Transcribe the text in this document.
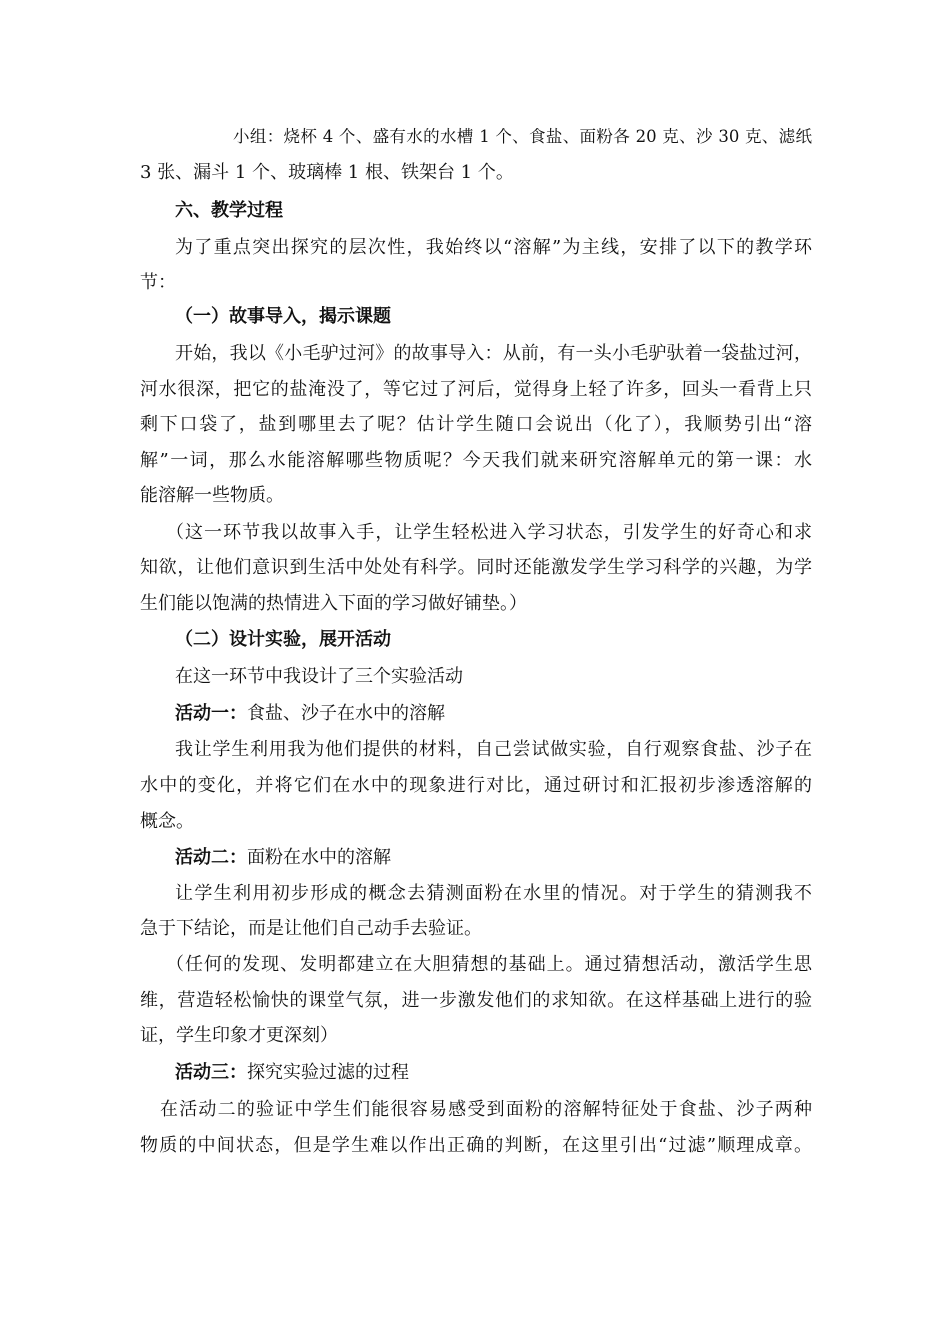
小组：烧杯 4 个、盛有水的水槽 1 个、食盐、面粉各 20 克、沙 30 克、滤纸
3 张、漏斗 1 个、玻璃棒 1 根、铁架台 1 个。
六、教学过程
为了重点突出探究的层次性，我始终以“溶解”为主线，安排了以下的教学环
节：
（一）故事导入，揭示课题
开始，我以《小毛驴过河》的故事导入：从前，有一头小毛驴驮着一袋盐过河，
河水很深，把它的盐淹没了，等它过了河后，觉得身上轻了许多，回头一看背上只
剩下口袋了，盐到哪里去了呢？估计学生随口会说出（化了），我顺势引出“溶
解”一词，那么水能溶解哪些物质呢？今天我们就来研究溶解单元的第一课：水
能溶解一些物质。
（这一环节我以故事入手，让学生轻松进入学习状态，引发学生的好奇心和求
知欲，让他们意识到生活中处处有科学。同时还能激发学生学习科学的兴趣，为学
生们能以饱满的热情进入下面的学习做好铺垫。）
（二）设计实验，展开活动
在这一环节中我设计了三个实验活动
活动一：食盐、沙子在水中的溶解
我让学生利用我为他们提供的材料，自己尝试做实验，自行观察食盐、沙子在
水中的变化，并将它们在水中的现象进行对比，通过研讨和汇报初步渗透溶解的
概念。
活动二：面粉在水中的溶解
让学生利用初步形成的概念去猜测面粉在水里的情况。对于学生的猜测我不
急于下结论，而是让他们自己动手去验证。
（任何的发现、发明都建立在大胆猜想的基础上。通过猜想活动，激活学生思
维，营造轻松愉快的课堂气氛，进一步激发他们的求知欲。在这样基础上进行的验
证，学生印象才更深刻）
活动三：探究实验过滤的过程
在活动二的验证中学生们能很容易感受到面粉的溶解特征处于食盐、沙子两种
物质的中间状态，但是学生难以作出正确的判断，在这里引出“过滤”顺理成章。
